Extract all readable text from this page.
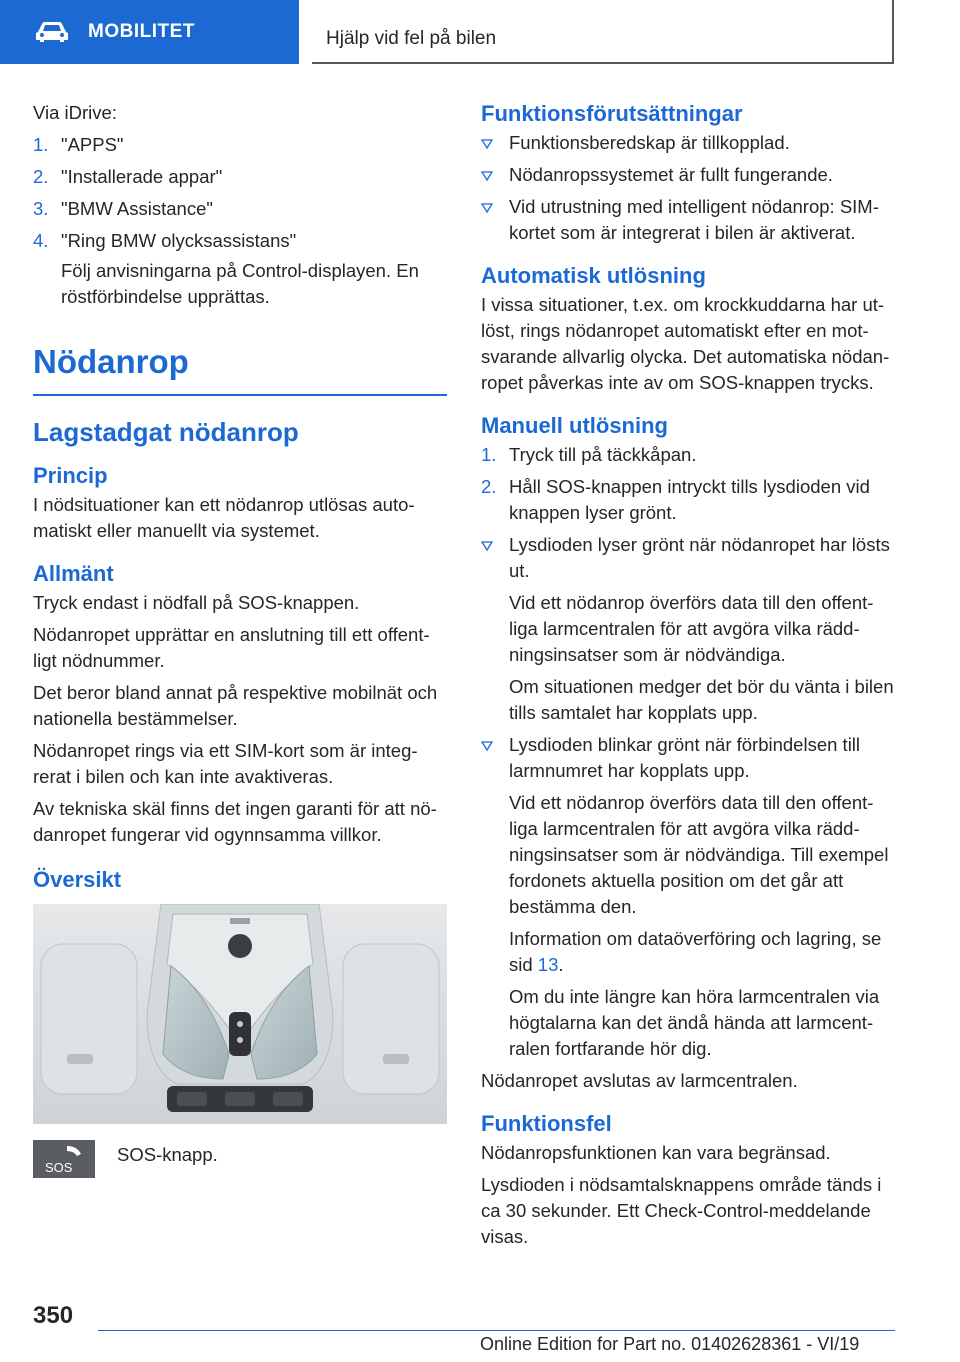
MOBILITET	Hjälp vid fel på bilen

Via iDrive:

1. "APPS"
2. "Installerade appar"
3. "BMW Assistance"
4. "Ring BMW olycksassistans"
Följ anvisningarna på Control-displayen. En röstförbindelse upprättas.
Nödanrop
Lagstadgat nödanrop
Princip

I nödsituationer kan ett nödanrop utlösas automatiskt eller manuellt via systemet.

Allmänt

Tryck endast i nödfall på SOS-knappen.

Nödanropet upprättar en anslutning till ett offentligt nödnummer.

Det beror bland annat på respektive mobilnät och nationella bestämmelser.

Nödanropet rings via ett SIM-kort som är integrerat i bilen och kan inte avaktiveras.

Av tekniska skäl finns det ingen garanti för att nödanropet fungerar vid ogynnsamma villkor.

Översikt
SOS
SOS-knapp.
Funktionsförutsättningar
Funktionsberedskap är tillkopplad.
Nödanropssystemet är fullt fungerande.
Vid utrustning med intelligent nödanrop: SIM-kortet som är integrerat i bilen är aktiverat.
Automatisk utlösning

I vissa situationer, t.ex. om krockkuddarna har utlöst, rings nödanropet automatiskt efter en motsvarande allvarlig olycka. Det automatiska nödanropet påverkas inte av om SOS-knappen trycks.

Manuell utlösning
1. Tryck till på täckkåpan.
2. Håll SOS-knappen intryckt tills lysdioden vid knappen lyser grönt.
Lysdioden lyser grönt när nödanropet har lösts ut.
Vid ett nödanrop överförs data till den offentliga larmcentralen för att avgöra vilka räddningsinsatser som är nödvändiga.
Om situationen medger det bör du vänta i bilen tills samtalet har kopplats upp.
Lysdioden blinkar grönt när förbindelsen till larmnumret har kopplats upp.
Vid ett nödanrop överförs data till den offentliga larmcentralen för att avgöra vilka räddningsinsatser som är nödvändiga. Till exempel fordonets aktuella position om det går att bestämma den.
Information om dataöverföring och lagring, se sid 13.
Om du inte längre kan höra larmcentralen via högtalarna kan det ändå hända att larmcentralen fortfarande hör dig.

Nödanropet avslutas av larmcentralen.

Funktionsfel

Nödanropsfunktionen kan vara begränsad.

Lysdioden i nödsamtalsknappens område tänds i ca 30 sekunder. Ett Check-Control-meddelande visas.

350
Online Edition for Part no. 01402628361 - VI/19
